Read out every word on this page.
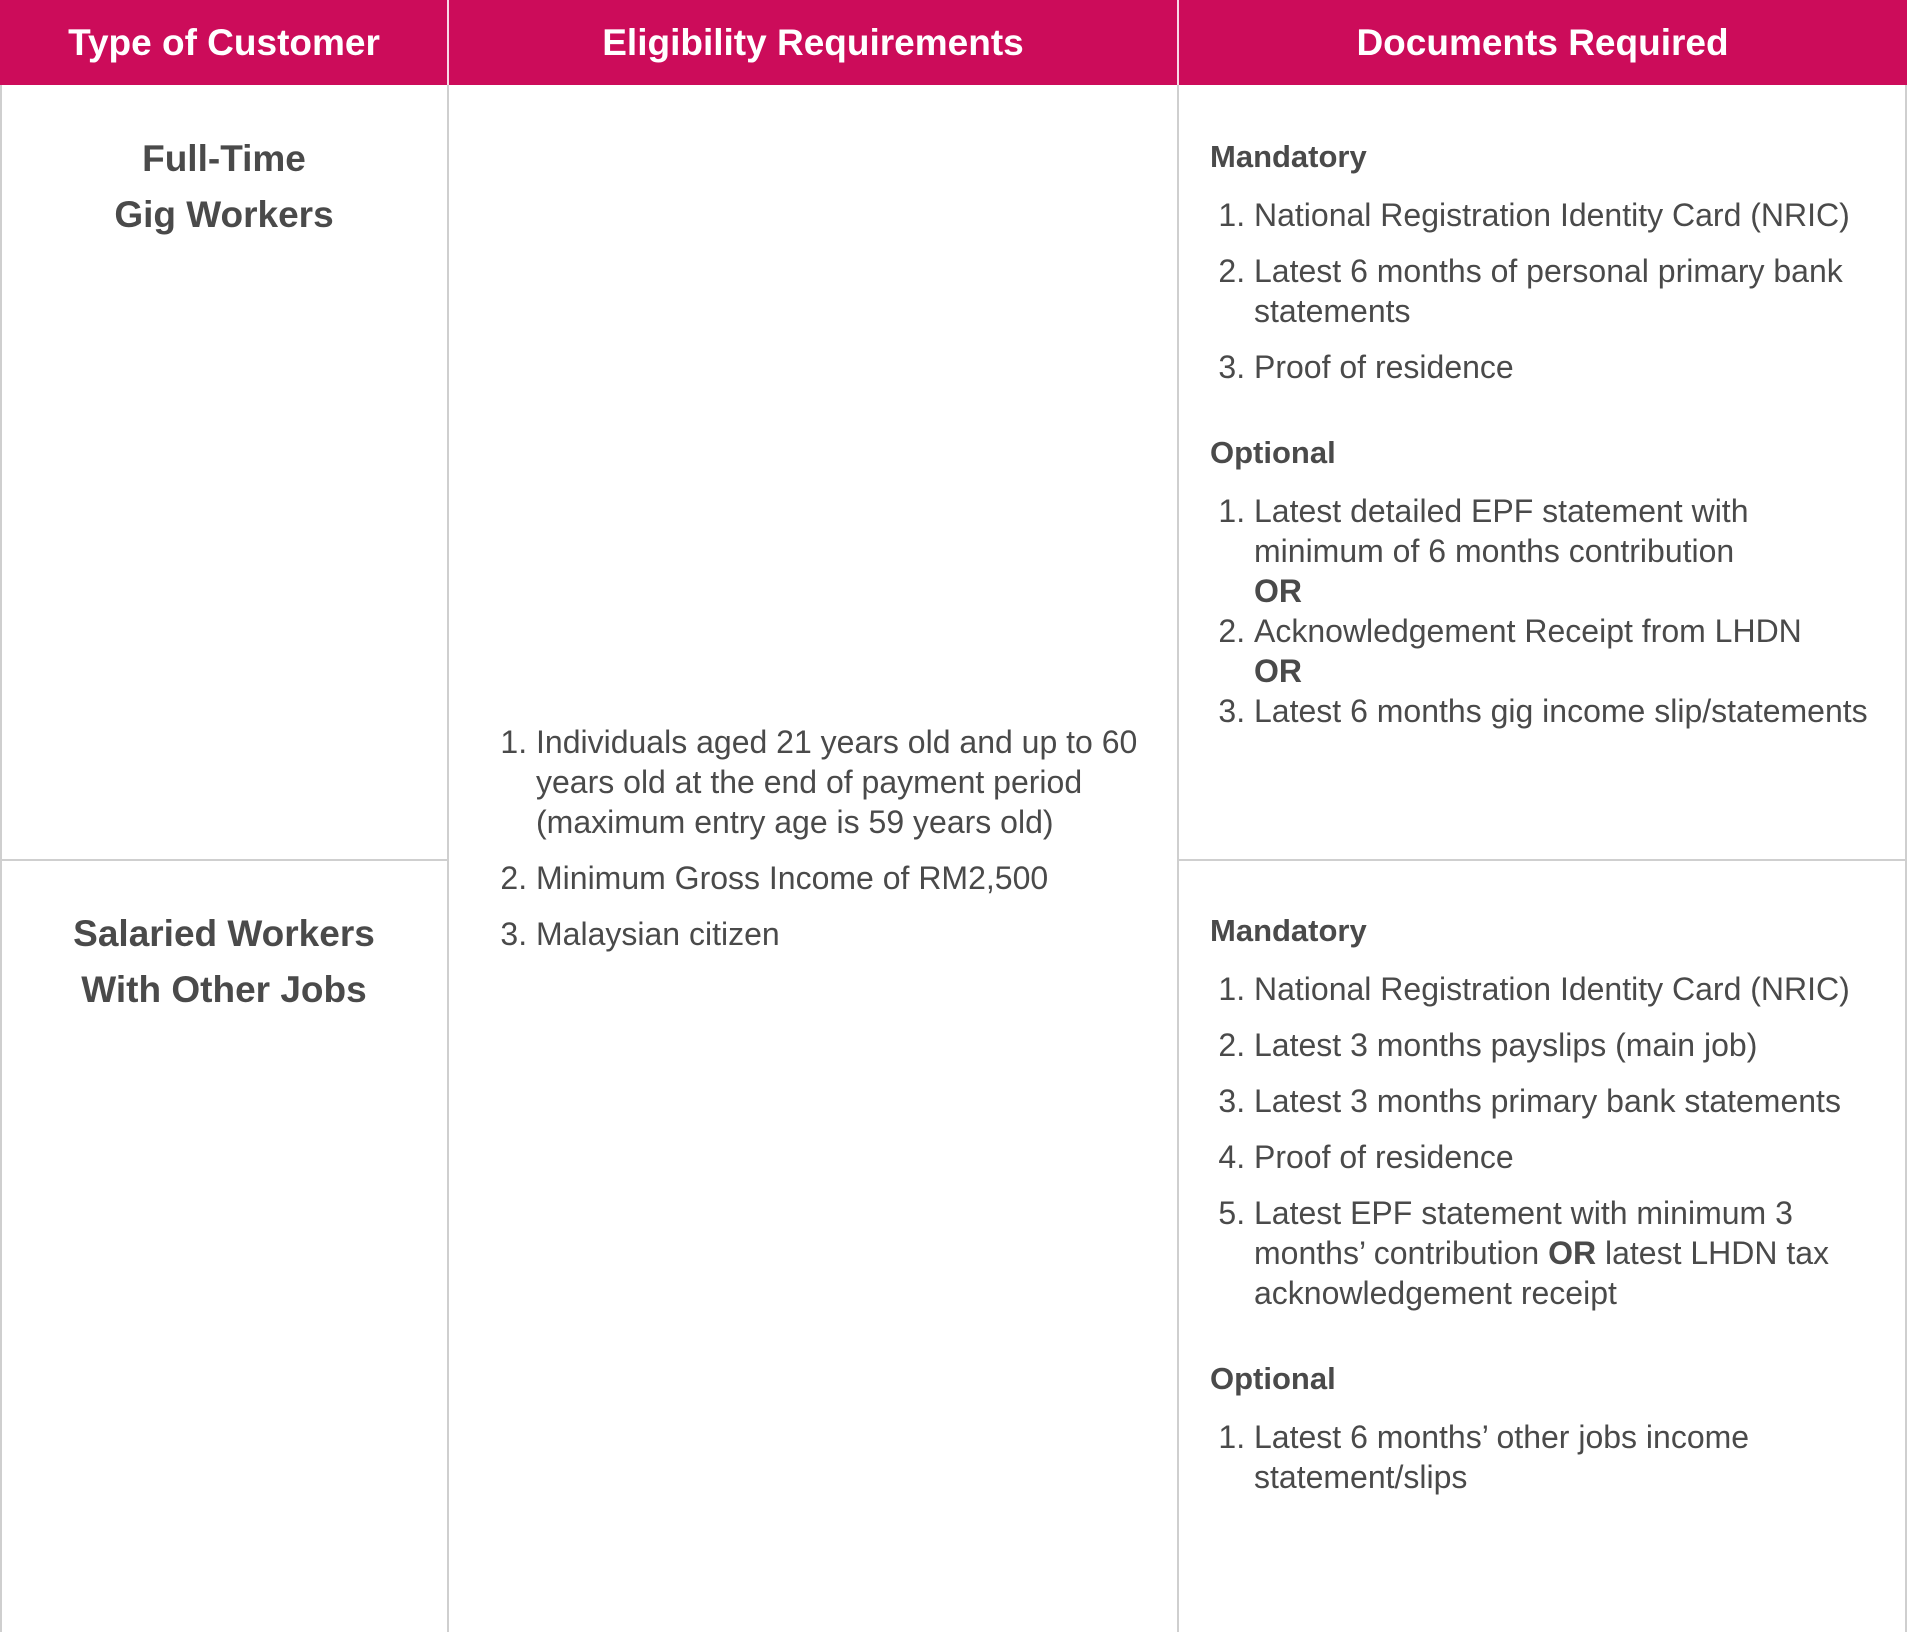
Type of Customer	Eligibility Requirements	Documents Required
Full-Time
Gig Workers
Salaried Workers
With Other Jobs
1. Individuals aged 21 years old and up to 60 years old at the end of payment period (maximum entry age is 59 years old)
2. Minimum Gross Income of RM2,500
3. Malaysian citizen
Mandatory
1. National Registration Identity Card (NRIC)
2. Latest 6 months of personal primary bank statements
3. Proof of residence
Optional
1. Latest detailed EPF statement with minimum of 6 months contribution
OR
2. Acknowledgement Receipt from LHDN
OR
3. Latest 6 months gig income slip/statements
Mandatory
1. National Registration Identity Card (NRIC)
2. Latest 3 months payslips (main job)
3. Latest 3 months primary bank statements
4. Proof of residence
5. Latest EPF statement with minimum 3 months’ contribution OR latest LHDN tax acknowledgement receipt
Optional
1. Latest 6 months’ other jobs income statement/slips
